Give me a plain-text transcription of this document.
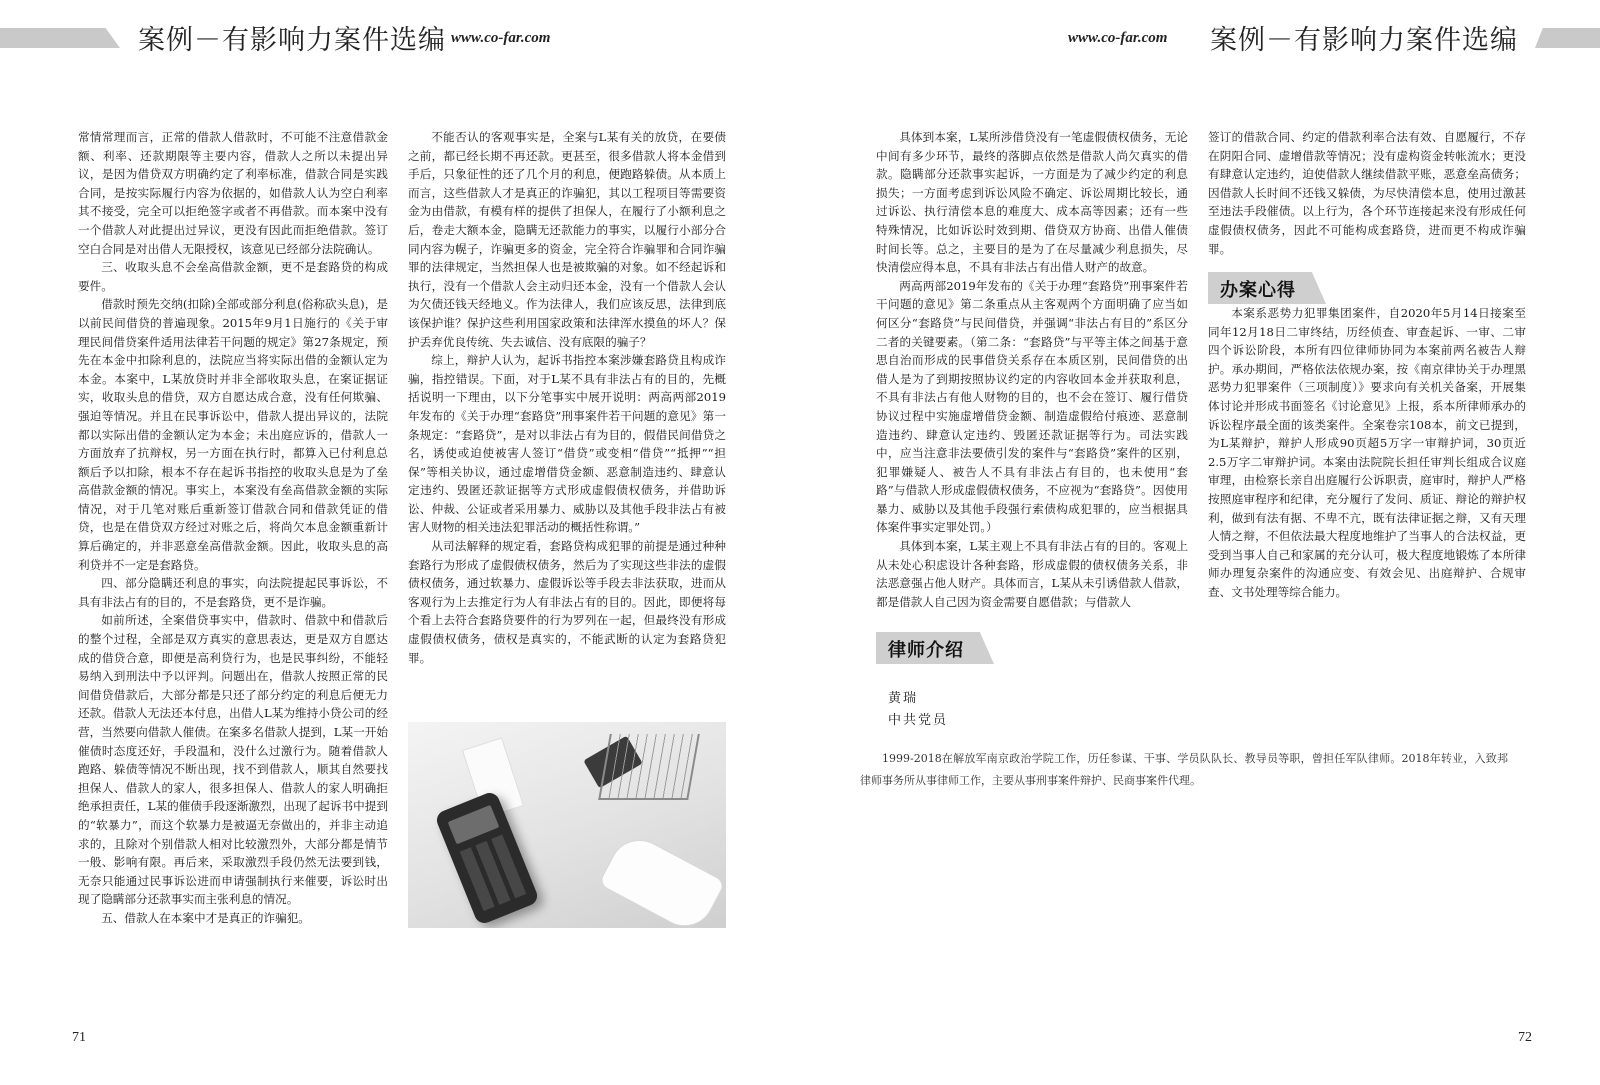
案例－有影响力案件选编 www.co-far.com

常情常理而言，正常的借款人借款时，不可能不注意借款金额、利率、还款期限等主要内容，借款人之所以未提出异议，是因为借贷双方明确约定了利率标准，借款合同是实践合同，是按实际履行内容为依据的，如借款人认为空白利率其不接受，完全可以拒绝签字或者不再借款。而本案中没有一个借款人对此提出过异议，更没有因此而拒绝借款。签订空白合同是对出借人无限授权，该意见已经部分法院确认。

三、收取头息不会垒高借款金额，更不是套路贷的构成要件。

借款时预先交纳(扣除)全部或部分利息(俗称砍头息)，是以前民间借贷的普遍现象。2015年9月1日施行的《关于审理民间借贷案件适用法律若干问题的规定》第27条规定，预先在本金中扣除利息的，法院应当将实际出借的金额认定为本金。本案中，L某放贷时并非全部收取头息，在案证据证实，收取头息的借贷，双方自愿达成合意，没有任何欺骗、强迫等情况。并且在民事诉讼中，借款人提出异议的，法院都以实际出借的金额认定为本金；未出庭应诉的，借款人一方面放弃了抗辩权，另一方面在执行时，都算入已付利息总额后予以扣除，根本不存在起诉书指控的收取头息是为了垒高借款金额的情况。事实上，本案没有垒高借款金额的实际情况，对于几笔对账后重新签订借款合同和借款凭证的借贷，也是在借贷双方经过对账之后，将尚欠本息金额重新计算后确定的，并非恶意垒高借款金额。因此，收取头息的高利贷并不一定是套路贷。

四、部分隐瞒还利息的事实，向法院提起民事诉讼，不具有非法占有的目的，不是套路贷，更不是诈骗。

如前所述，全案借贷事实中，借款时、借款中和借款后的整个过程，全部是双方真实的意思表达，更是双方自愿达成的借贷合意，即便是高利贷行为，也是民事纠纷，不能轻易纳入到刑法中予以评判。问题出在，借款人按照正常的民间借贷借款后，大部分都是只还了部分约定的利息后便无力还款。借款人无法还本付息，出借人L某为维持小贷公司的经营，当然要向借款人催债。在案多名借款人提到，L某一开始催债时态度还好，手段温和，没什么过激行为。随着借款人跑路、躲债等情况不断出现，找不到借款人，顺其自然要找担保人、借款人的家人，很多担保人、借款人的家人明确拒绝承担责任，L某的催债手段逐渐激烈，出现了起诉书中提到的“软暴力”，而这个软暴力是被逼无奈做出的，并非主动追求的，且除对个别借款人相对比较激烈外，大部分都是情节一般、影响有限。再后来，采取激烈手段仍然无法要到钱，无奈只能通过民事诉讼进而申请强制执行来催要，诉讼时出现了隐瞒部分还款事实而主张利息的情况。

五、借款人在本案中才是真正的诈骗犯。

不能否认的客观事实是，全案与L某有关的放贷，在要债之前，都已经长期不再还款。更甚至，很多借款人将本金借到手后，只象征性的还了几个月的利息，便跑路躲债。从本质上而言，这些借款人才是真正的诈骗犯，其以工程项目等需要资金为由借款，有模有样的提供了担保人，在履行了小额利息之后，卷走大额本金，隐瞒无还款能力的事实，以履行小部分合同内容为幌子，诈骗更多的资金，完全符合诈骗罪和合同诈骗罪的法律规定，当然担保人也是被欺骗的对象。如不经起诉和执行，没有一个借款人会主动归还本金，没有一个借款人会认为欠债还钱天经地义。作为法律人，我们应该反思，法律到底该保护谁？保护这些利用国家政策和法律浑水摸鱼的坏人？保护丢弃优良传统、失去诚信、没有底限的骗子？

综上，辩护人认为，起诉书指控本案涉嫌套路贷且构成诈骗，指控错误。下面，对于L某不具有非法占有的目的，先概括说明一下理由，以下分笔事实中展开说明：两高两部2019年发布的《关于办理“套路贷”刑事案件若干问题的意见》第一条规定：“套路贷”，是对以非法占有为目的，假借民间借贷之名，诱使或迫使被害人签订“借贷”或变相“借贷”“抵押”“担保”等相关协议，通过虚增借贷金额、恶意制造违约、肆意认定违约、毁匿还款证据等方式形成虚假债权债务，并借助诉讼、仲裁、公证或者采用暴力、威胁以及其他手段非法占有被害人财物的相关违法犯罪活动的概括性称谓。”

从司法解释的规定看，套路贷构成犯罪的前提是通过种种套路行为形成了虚假债权债务，然后为了实现这些非法的虚假债权债务，通过软暴力、虚假诉讼等手段去非法获取，进而从客观行为上去推定行为人有非法占有的目的。因此，即便将每个看上去符合套路贷要件的行为罗列在一起，但最终没有形成虚假债权债务，债权是真实的，不能武断的认定为套路贷犯罪。

71
www.co-far.com 案例－有影响力案件选编

具体到本案，L某所涉借贷没有一笔虚假债权债务，无论中间有多少环节，最终的落脚点依然是借款人尚欠真实的借款。隐瞒部分还款事实起诉，一方面是为了减少约定的利息损失；一方面考虑到诉讼风险不确定、诉讼周期比较长，通过诉讼、执行清偿本息的难度大、成本高等因素；还有一些特殊情况，比如诉讼时效到期、借贷双方协商、出借人催债时间长等。总之，主要目的是为了在尽量减少利息损失，尽快清偿应得本息，不具有非法占有出借人财产的故意。

两高两部2019年发布的《关于办理“套路贷”刑事案件若干问题的意见》第二条重点从主客观两个方面明确了应当如何区分“套路贷”与民间借贷，并强调“非法占有目的”系区分二者的关键要素。（第二条：“套路贷”与平等主体之间基于意思自治而形成的民事借贷关系存在本质区别，民间借贷的出借人是为了到期按照协议约定的内容收回本金并获取利息，不具有非法占有他人财物的目的，也不会在签订、履行借贷协议过程中实施虚增借贷金额、制造虚假给付痕迹、恶意制造违约、肆意认定违约、毁匿还款证据等行为。司法实践中，应当注意非法要债引发的案件与“套路贷”案件的区别，犯罪嫌疑人、被告人不具有非法占有目的，也未使用“套路”与借款人形成虚假债权债务，不应视为“套路贷”。因使用暴力、威胁以及其他手段强行索债构成犯罪的，应当根据具体案件事实定罪处罚。）

具体到本案，L某主观上不具有非法占有的目的。客观上从未处心积虑设计各种套路，形成虚假的债权债务关系，非法恶意强占他人财产。具体而言，L某从未引诱借款人借款，都是借款人自己因为资金需要自愿借款；与借款人

签订的借款合同、约定的借款利率合法有效、自愿履行，不存在阴阳合同、虚增借款等情况；没有虚构资金转帐流水；更没有肆意认定违约，迫使借款人继续借款平账，恶意垒高债务；因借款人长时间不还钱又躲债，为尽快清偿本息，使用过激甚至违法手段催债。以上行为，各个环节连接起来没有形成任何虚假债权债务，因此不可能构成套路贷，进而更不构成诈骗罪。

办案心得

本案系恶势力犯罪集团案件，自2020年5月14日接案至同年12月18日二审终结，历经侦查、审查起诉、一审、二审四个诉讼阶段，本所有四位律师协同为本案前两名被告人辩护。承办期间，严格依法依规办案，按《南京律协关于办理黑恶势力犯罪案件（三项制度）》要求向有关机关备案，开展集体讨论并形成书面签名《讨论意见》上报，系本所律师承办的诉讼程序最全面的该类案件。全案卷宗108本，前文已提到，为L某辩护，辩护人形成90页超5万字一审辩护词，30页近2.5万字二审辩护词。本案由法院院长担任审判长组成合议庭审理，由检察长亲自出庭履行公诉职责，庭审时，辩护人严格按照庭审程序和纪律，充分履行了发问、质证、辩论的辩护权利，做到有法有据、不卑不亢，既有法律证据之辩，又有天理人情之辩，不但依法最大程度地维护了当事人的合法权益，更受到当事人自己和家属的充分认可，极大程度地锻炼了本所律师办理复杂案件的沟通应变、有效会见、出庭辩护、合规审查、文书处理等综合能力。

律师介绍
黄瑞
中共党员
1999-2018在解放军南京政治学院工作，历任参谋、干事、学员队队长、教导员等职，曾担任军队律师。2018年转业，入致邦律师事务所从事律师工作，主要从事刑事案件辩护、民商事案件代理。
72
